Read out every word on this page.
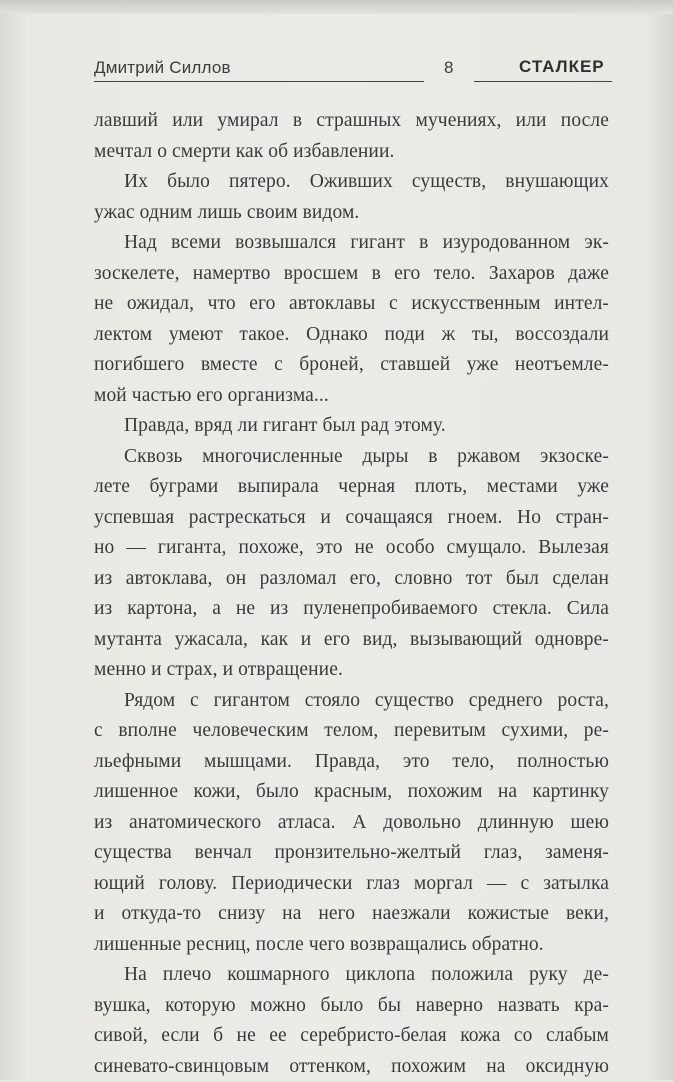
Дмитрий Силлов	8	СТАЛКЕР
лавший или умирал в страшных мучениях, или после
мечтал о смерти как об избавлении.
Их было пятеро. Оживших существ, внушающих
ужас одним лишь своим видом.
Над всеми возвышался гигант в изуродованном эк-
зоскелете, намертво вросшем в его тело. Захаров даже
не ожидал, что его автоклавы с искусственным интел-
лектом умеют такое. Однако поди ж ты, воссоздали
погибшего вместе с броней, ставшей уже неотъемле-
мой частью его организма...
Правда, вряд ли гигант был рад этому.
Сквозь многочисленные дыры в ржавом экзоске-
лете буграми выпирала черная плоть, местами уже
успевшая растрескаться и сочащаяся гноем. Но стран-
но — гиганта, похоже, это не особо смущало. Вылезая
из автоклава, он разломал его, словно тот был сделан
из картона, а не из пуленепробиваемого стекла. Сила
мутанта ужасала, как и его вид, вызывающий одновре-
менно и страх, и отвращение.
Рядом с гигантом стояло существо среднего роста,
с вполне человеческим телом, перевитым сухими, ре-
льефными мышцами. Правда, это тело, полностью
лишенное кожи, было красным, похожим на картинку
из анатомического атласа. А довольно длинную шею
существа венчал пронзительно-желтый глаз, заменя-
ющий голову. Периодически глаз моргал — с затылка
и откуда-то снизу на него наезжали кожистые веки,
лишенные ресниц, после чего возвращались обратно.
На плечо кошмарного циклопа положила руку де-
вушка, которую можно было бы наверно назвать кра-
сивой, если б не ее серебристо-белая кожа со слабым
синевато-свинцовым оттенком, похожим на оксидную
